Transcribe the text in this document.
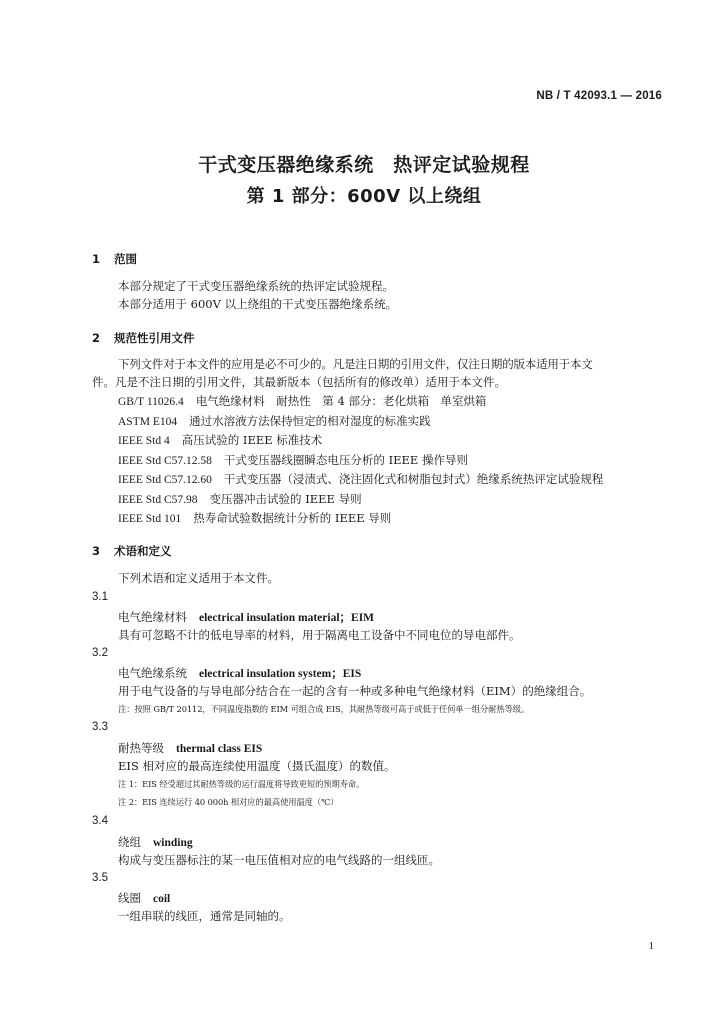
NB / T 42093.1 — 2016
干式变压器绝缘系统　热评定试验规程
第 1 部分：600V 以上绕组
1 范围
本部分规定了干式变压器绝缘系统的热评定试验规程。
本部分适用于 600V 以上绕组的干式变压器绝缘系统。
2 规范性引用文件
下列文件对于本文件的应用是必不可少的。凡是注日期的引用文件，仅注日期的版本适用于本文
件。凡是不注日期的引用文件，其最新版本（包括所有的修改单）适用于本文件。
GB/T 11026.4 电气绝缘材料　耐热性　第 4 部分：老化烘箱　单室烘箱
ASTM E104 通过水溶液方法保持恒定的相对湿度的标准实践
IEEE Std 4 高压试验的 IEEE 标准技术
IEEE Std C57.12.58 干式变压器线圈瞬态电压分析的 IEEE 操作导则
IEEE Std C57.12.60 干式变压器（浸渍式、浇注固化式和树脂包封式）绝缘系统热评定试验规程
IEEE Std C57.98 变压器冲击试验的 IEEE 导则
IEEE Std 101 热寿命试验数据统计分析的 IEEE 导则
3 术语和定义
下列术语和定义适用于本文件。
3.1
电气绝缘材料 electrical insulation material；EIM
具有可忽略不计的低电导率的材料，用于隔离电工设备中不同电位的导电部件。
3.2
电气绝缘系统 electrical insulation system；EIS
用于电气设备的与导电部分结合在一起的含有一种或多种电气绝缘材料（EIM）的绝缘组合。
注：按照 GB/T 20112，不同温度指数的 EIM 可组合成 EIS，其耐热等级可高于或低于任何单一组分耐热等级。
3.3
耐热等级 thermal class EIS
EIS 相对应的最高连续使用温度（摄氏温度）的数值。
注 1：EIS 经受超过其耐热等级的运行温度将导致更短的预期寿命。
注 2：EIS 连续运行 40 000h 相对应的最高使用温度（℃）
3.4
绕组 winding
构成与变压器标注的某一电压值相对应的电气线路的一组线匝。
3.5
线圈 coil
一组串联的线匝，通常是同轴的。
1
